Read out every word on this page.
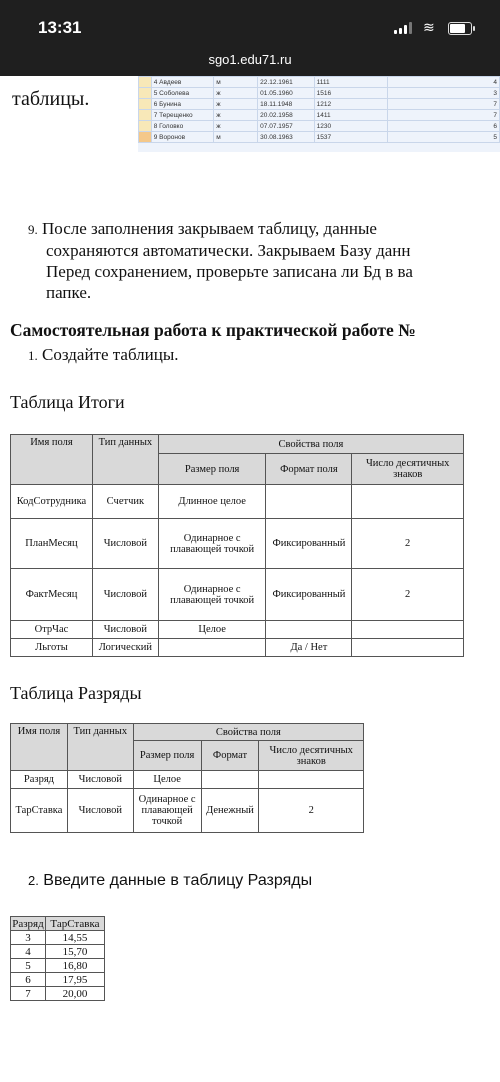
13:31	≋
sgo1.edu71.ru
	4 Авдеев	м	22.12.1961	1111	4
	5 Соболева	ж	01.05.1960	1516	3
	6 Бунина	ж	18.11.1948	1212	7
	7 Терещенко	ж	20.02.1958	1411	7
	8 Головко	ж	07.07.1957	1230	6
	9 Воронов	м	30.08.1963	1537	5
таблицы.
9. После заполнения закрываем таблицу, данные
сохраняются автоматически. Закрываем Базу данн
Перед сохранением, проверьте записана ли Бд в ва
папке.
Самостоятельная работа к практической работе №
1. Создайте таблицы.
Таблица Итоги
Имя поля	Тип данных	Свойства поля		
		Размер поля	Формат поля	Число десятичных знаков
КодСотрудника	Счетчик	Длинное целое		
ПланМесяц	Числовой	Одинарное с плавающей точкой	Фиксированный	2
ФактМесяц	Числовой	Одинарное с плавающей точкой	Фиксированный	2
ОтрЧас	Числовой	Целое		
Льготы	Логический		Да / Нет	
Таблица Разряды
Имя поля	Тип данных	Свойства поля		
		Размер поля	Формат	Число десятичных знаков
Разряд	Числовой	Целое		
ТарСтавка	Числовой	Одинарное с плавающей точкой	Денежный	2
2. Введите данные в таблицу Разряды
Разряд	ТарСтавка
3	14,55
4	15,70
5	16,80
6	17,95
7	20,00
